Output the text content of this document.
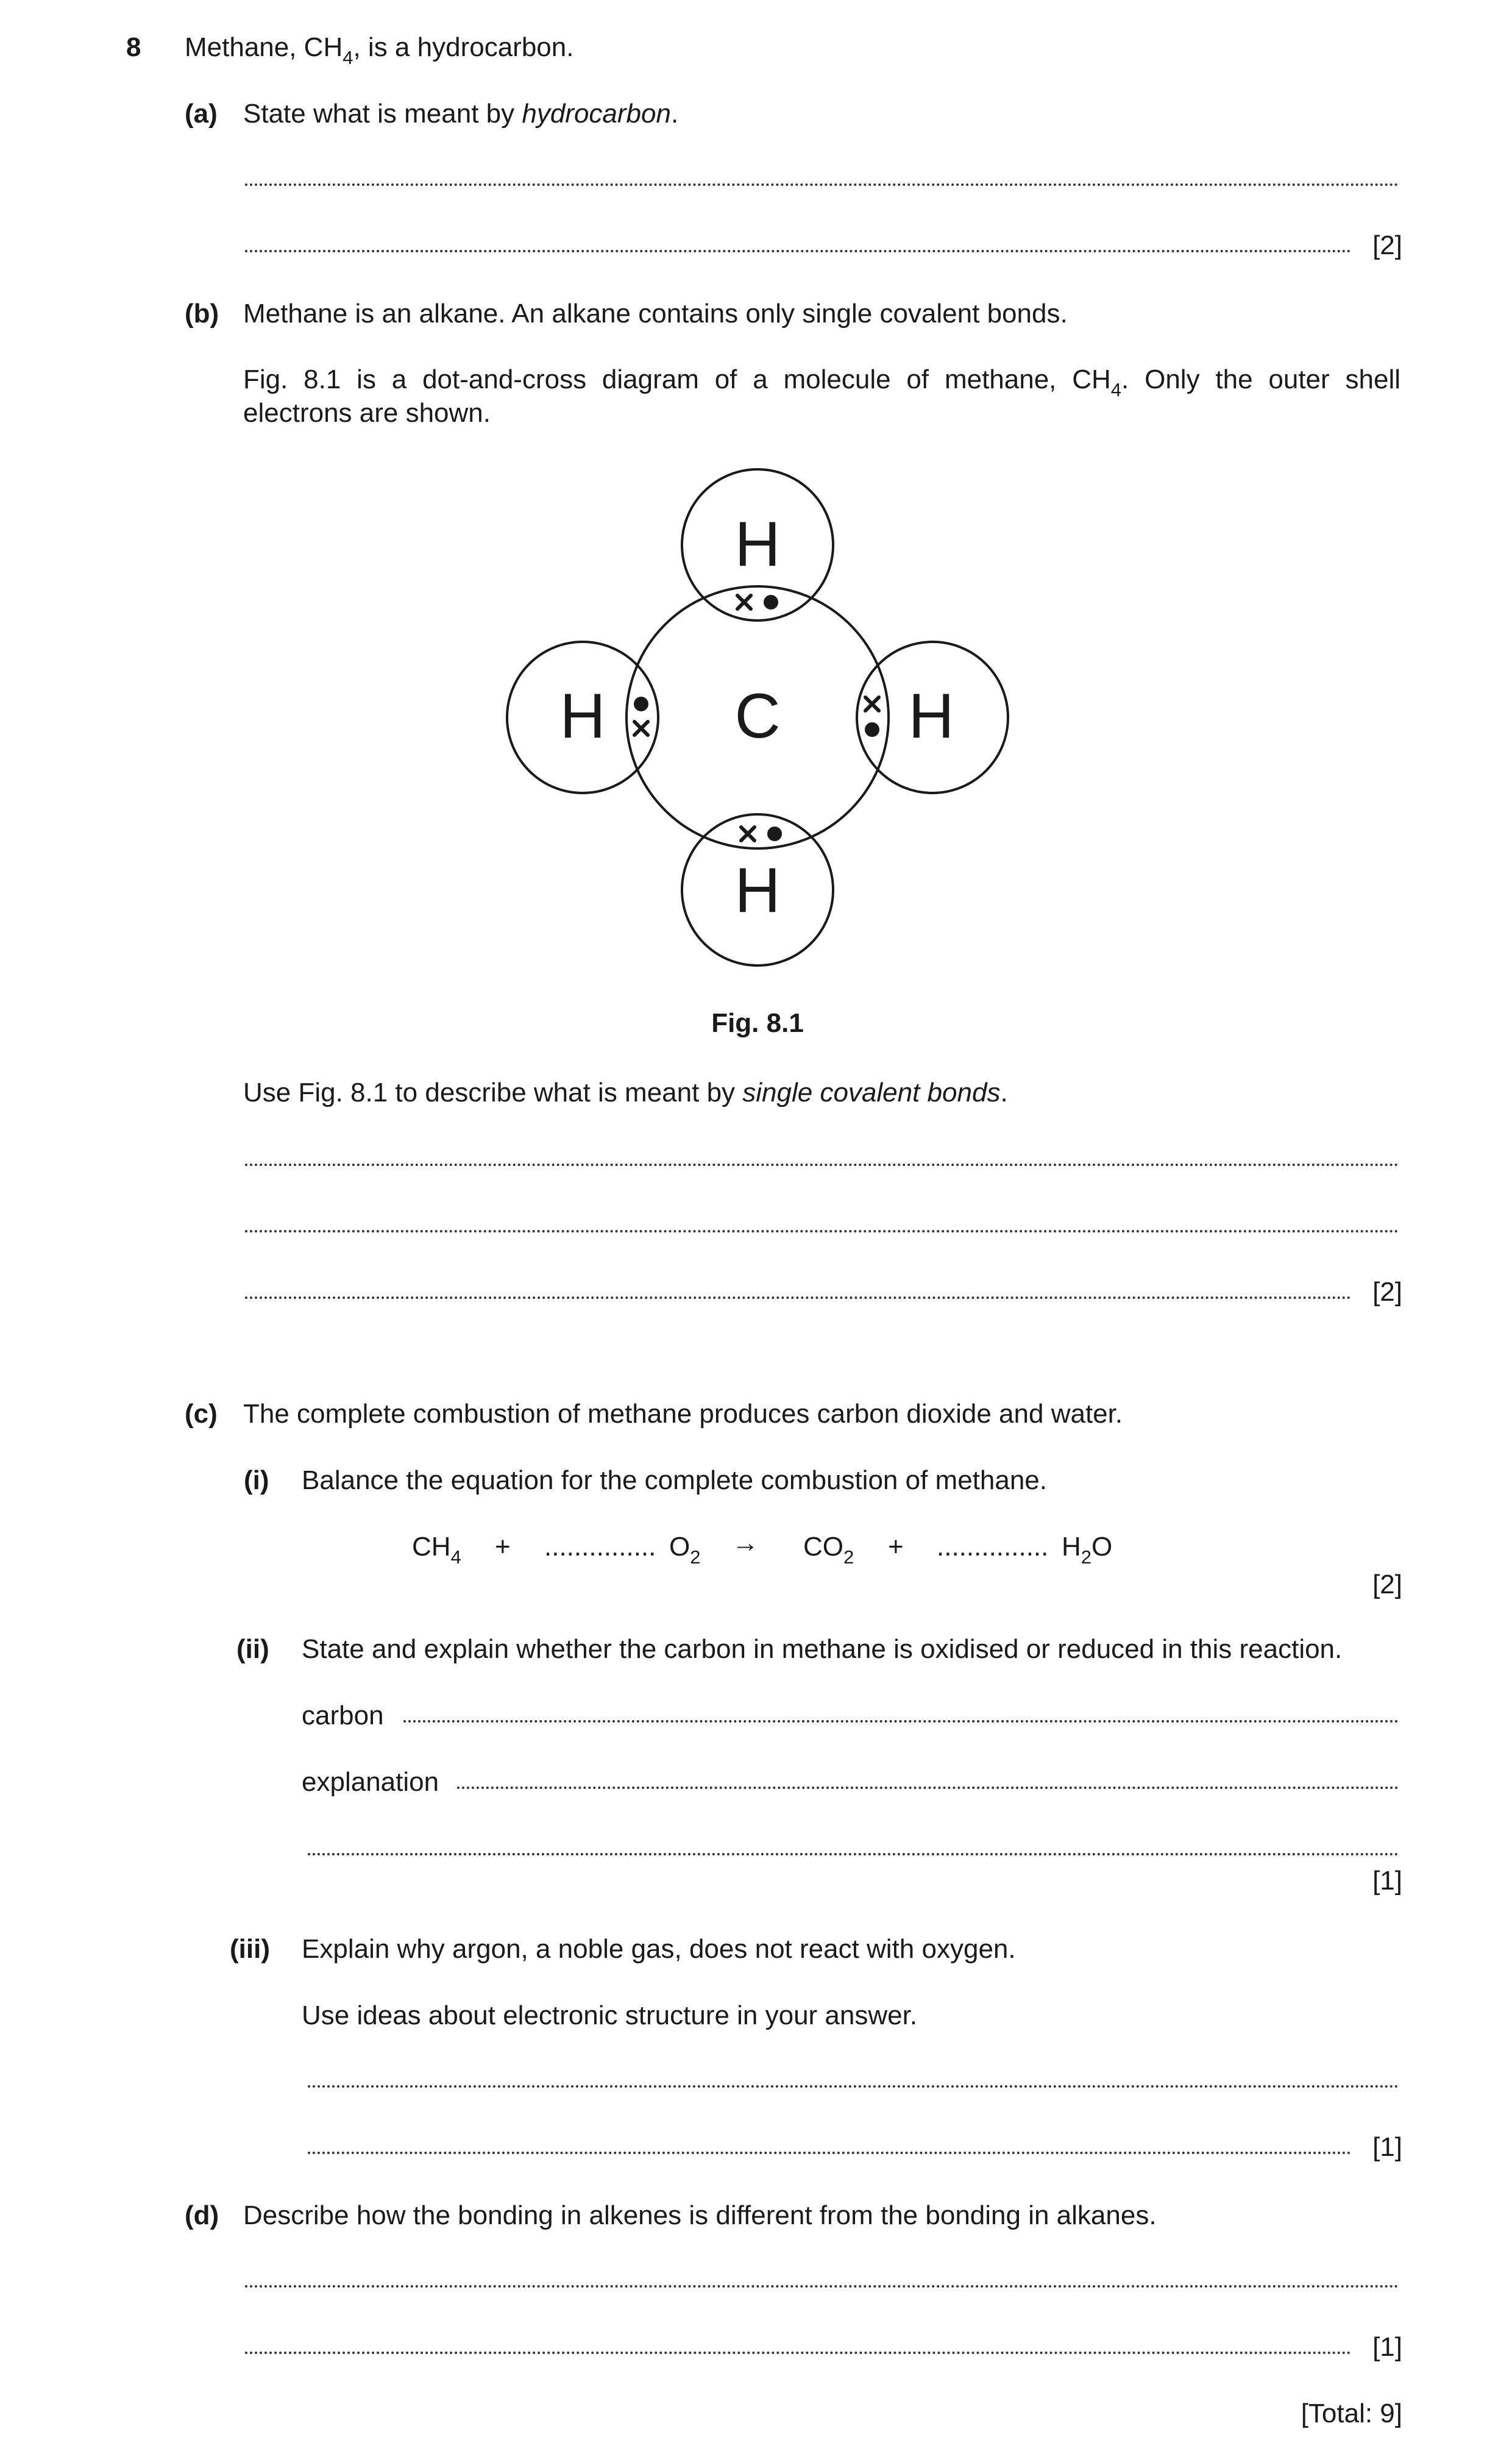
8 Methane, $CH_4$, is a hydrocarbon.
(a) State what is meant by hydrocarbon.
[2]
(b) Methane is an alkane. An alkane contains only single covalent bonds.
Fig. 8.1 is a dot-and-cross diagram of a molecule of methane, $CH_4$. Only the outer shell
electrons are shown.
C
H
H
H	H
Fig. 8.1
Use Fig. 8.1 to describe what is meant by single covalent bonds.
[2]
(c) The complete combustion of methane produces carbon dioxide and water.
(i) Balance the equation for the complete combustion of methane.
$CH_4$ + ............... $O_2 \to CO_2$ + ............... $H_2O$
[2]
(ii) State and explain whether the carbon in methane is oxidised or reduced in this reaction.
carbon
explanation
[1]
(iii) Explain why argon, a noble gas, does not react with oxygen.
Use ideas about electronic structure in your answer.
[1]
(d) Describe how the bonding in alkenes is different from the bonding in alkanes.
[1]
[Total: 9]
